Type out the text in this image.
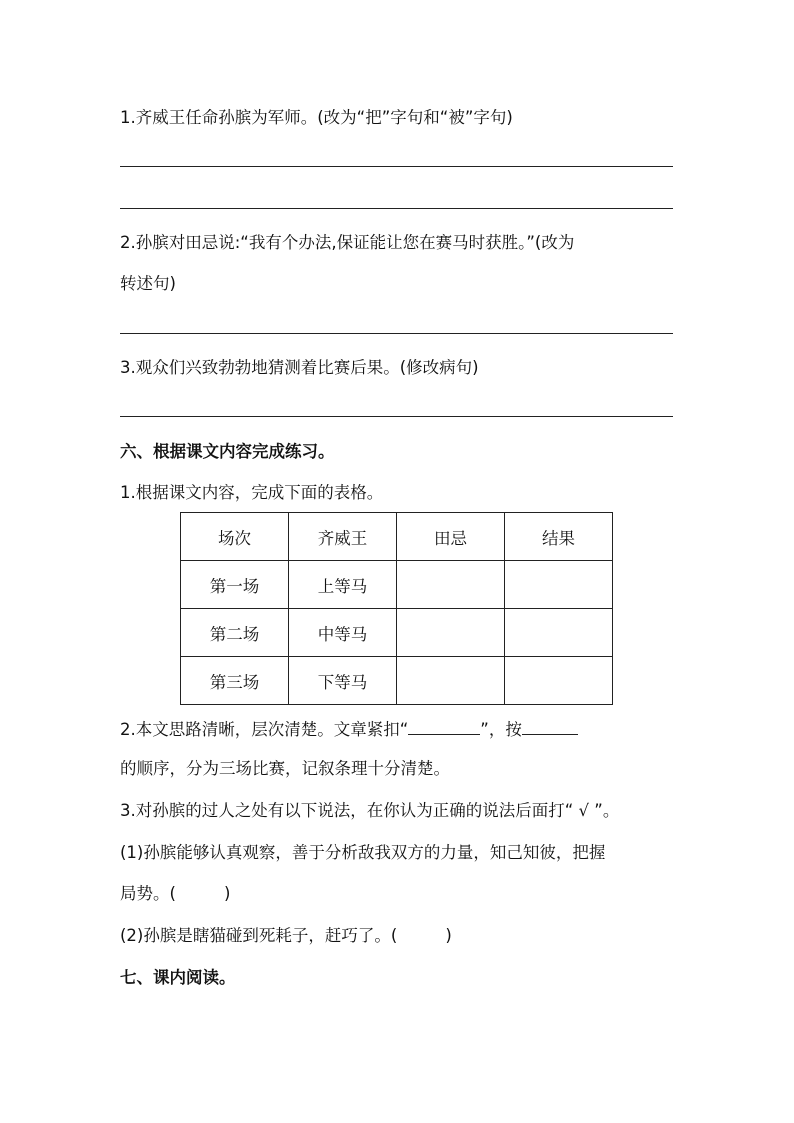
1.齐威王任命孙膑为军师。(改为“把”字句和“被”字句)
2.孙膑对田忌说:“我有个办法,保证能让您在赛马时获胜。”(改为
转述句)
3.观众们兴致勃勃地猜测着比赛后果。(修改病句)
六、根据课文内容完成练习。
1.根据课文内容，完成下面的表格。
场次	齐威王	田忌	结果
第一场	上等马		
第二场	中等马		
第三场	下等马		
2.本文思路清晰，层次清楚。文章紧扣“	”，按
的顺序，分为三场比赛，记叙条理十分清楚。
3.对孙膑的过人之处有以下说法，在你认为正确的说法后面打“ √ ”。
(1)孙膑能够认真观察，善于分析敌我双方的力量，知己知彼，把握
局势。(	)
(2)孙膑是瞎猫碰到死耗子，赶巧了。(	)
七、课内阅读。
